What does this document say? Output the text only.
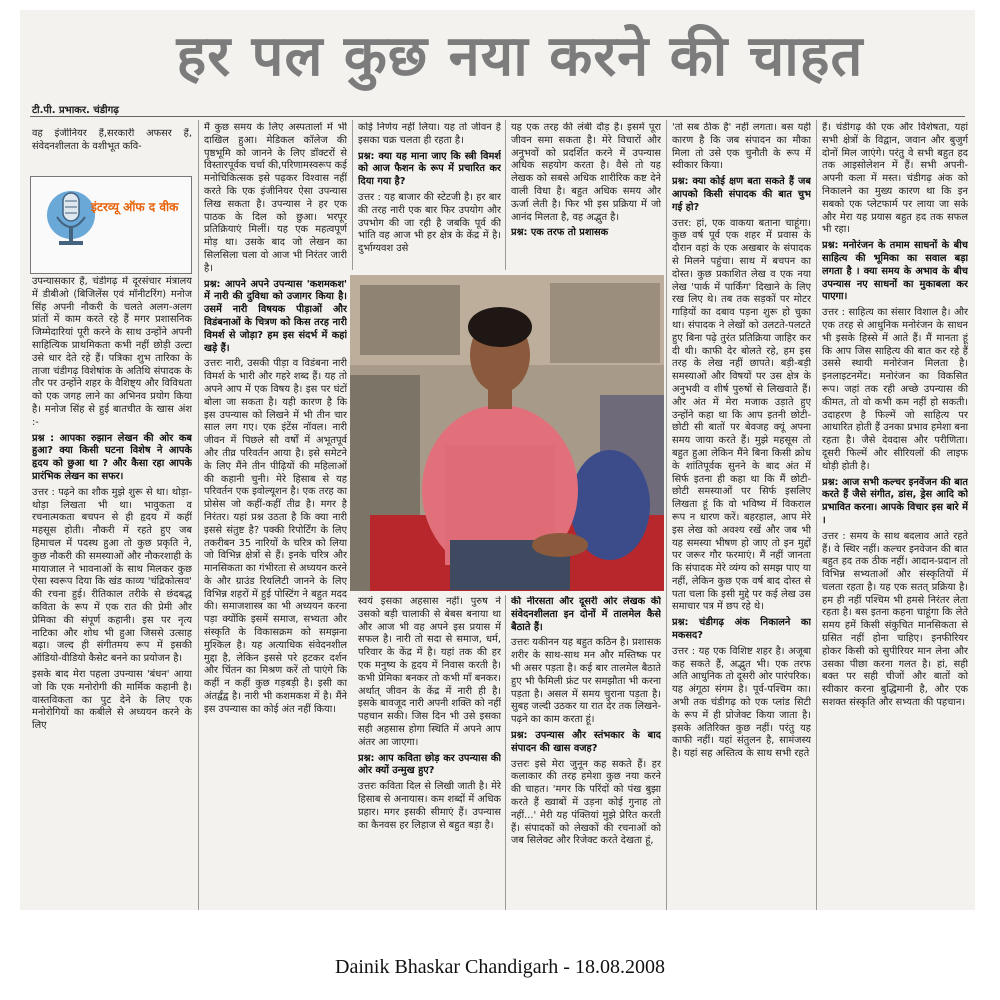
हर पल कुछ नया करने की चाहत
टी.पी. प्रभाकर. चंडीगढ़
इंटरव्यू ऑफ द वीक

वह इंजीनियर हैं,सरकारी अफसर हैं, संवेदनशीलता के वशीभूत कवि-

उपन्यासकार हैं, चंडीगढ़ में दूरसंचार मंत्रालय में डीबीओ (बिजिलेंस एवं मॉनीटरिंग) मनोज सिंह अपनी नौकरी के चलते अलग-अलग प्रांतों में काम करते रहे हैं मगर प्रशासनिक जिम्मेदारियां पूरी करने के साथ उन्होंने अपनी साहित्यिक प्राथमिकता कभी नहीं छोड़ी उल्टा उसे धार देते रहे हैं। पत्रिका शुभ तारिका के ताजा चंडीगढ़ विशेषांक के अतिथि संपादक के तौर पर उन्होंने शहर के वैशिष्ट्य और विविधता को एक जगह लाने का अभिनव प्रयोग किया है। मनोज सिंह से हुई बातचीत के खास अंश :-

प्रश्न : आपका रुझान लेखन की ओर कब हुआ? क्या किसी घटना विशेष ने आपके हृदय को छुआ था ? और कैसा रहा आपके प्रारंभिक लेखन का सफर।

उत्तर : पढ़ने का शौक मुझे शुरू से था। थोड़ा-थोड़ा लिखता भी था। भावुकता व रचनात्मकता बचपन से ही हृदय में कहीं महसूस होती। नौकरी में रहते हुए जब हिमाचल में पदस्थ हुआ तो कुछ प्रकृति ने, कुछ नौकरी की समस्याओं और नौकरशाही के मायाजाल ने भावनाओं के साथ मिलकर कुछ ऐसा स्वरूप दिया कि खंड काव्य 'चंद्रिकोत्सव' की रचना हुई। रीतिकाल तरीके से छंदबद्ध कविता के रूप में एक रात की प्रेमी और प्रेमिका की संपूर्ण कहानी। इस पर नृत्य नाटिका और शोध भी हुआ जिससे उत्साह बढ़ा। जल्द ही संगीतमय रूप में इसकी ऑडियो-वीडियो कैसेट बनने का प्रयोजन है।

इसके बाद मेरा पहला उपन्यास 'बंधन' आया जो कि एक मनोरोगी की मार्मिक कहानी है। वास्तविकता का पुट देने के लिए एक मनोरोगियों का कबीले से अध्ययन करने के लिए

मैं कुछ समय के लिए अस्पतालों में भी दाखिल हुआ। मेडिकल कॉलेज की पृष्ठभूमि को जानने के लिए डॉक्टरों से विस्तारपूर्वक चर्चा की,परिणामस्वरूप कई मनोचिकित्सक इसे पढ़कर विश्वास नहीं करते कि एक इंजीनियर ऐसा उपन्यास लिख सकता है। उपन्यास ने हर एक पाठक के दिल को छुआ। भरपूर प्रतिक्रियाएं मिलीं। यह एक महत्वपूर्ण मोड़ था। उसके बाद जो लेखन का सिलसिला चला वो आज भी निरंतर जारी है।

प्रश्न: आपने अपने उपन्यास 'कशमकश' में नारी की दुविधा को उजागर किया है। उसमें नारी विषयक पीड़ाओं और विडंबनाओं के चित्रण को किस तरह नारी विमर्श से जोड़ा? हम इस संदर्भ में कहां खड़े हैं।

उत्तरः नारी, उसकी पीड़ा व विडंबना नारी विमर्श के भारी और गहरे शब्द हैं। यह तो अपने आप में एक विषय है। इस पर घंटों बोला जा सकता है। यही कारण है कि इस उपन्यास को लिखने में भी तीन चार साल लग गए। एक इंटेंस नॉवल। नारी जीवन में पिछले सौ वर्षों में अभूतपूर्व और तीव्र परिवर्तन आया है। इसे समेटने के लिए मैंने तीन पीढ़ियों की महिलाओं की कहानी चुनी। मेरे हिसाब से यह परिवर्तन एक इवोल्यूशन है। एक तरह का प्रोसेस जो कहीं-कहीं तीव्र है। मगर है निरंतर। यहां प्रश्न उठता है कि क्या नारी इससे संतुष्ट है? पक्की रिपोर्टिंग के लिए तकरीबन 35 नारियों के चरित्र को लिया जो विभिन्न क्षेत्रों से हैं। इनके चरित्र और मानसिकता का गंभीरता से अध्ययन करने के और ग्राउंड रियलिटी जानने के लिए विभिन्न शहरों में हुई पोस्टिंग ने बहुत मदद की। समाजशास्त्र का भी अध्ययन करना पड़ा क्योंकि इसमें समाज, सभ्यता और संस्कृति के विकासक्रम को समझना मुश्किल है। यह अत्याधिक संवेदनशील मुद्दा है, लेकिन इससे परे हटकर दर्शन और चिंतन का मिश्रण करें तो पाएंगे कि कहीं न कहीं कुछ गड़बड़ी है। इसी का अंतर्द्वंद्व है। नारी भी कशमकश में है। मैंने इस उपन्यास का कोई अंत नहीं किया।

कोई निर्णय नहीं लिया। यह तो जीवन है इसका चक्र चलता ही रहता है।

प्रश्न: क्या यह माना जाए कि स्त्री विमर्श को आज फैशन के रूप में प्रचारित कर दिया गया है?

उत्तर : यह बाजार की स्टेटजी है। हर बार की तरह नारी एक बार फिर उपयोग और उपभोग की जा रही है जबकि पूर्व की भांति वह आज भी हर क्षेत्र के केंद्र में है। दुर्भाग्यवश उसे

यह एक तरह की लंबी दौड़ है। इसमें पूरा जीवन समा सकता है। मेरे विचारों और अनुभवों को प्रदर्शित करने में उपन्यास अधिक सहयोग करता है। वैसे तो यह लेखक को सबसे अधिक शारीरिक कष्ट देने वाली विधा है। बहुत अधिक समय और ऊर्जा लेती है। फिर भी इस प्रक्रिया में जो आनंद मिलता है, वह अद्भुत है।

प्रश्न: एक तरफ तो प्रशासक

'तो सब ठीक है' नहीं लगता। बस यही कारण है कि जब संपादन का मौका मिला तो उसे एक चुनौती के रूप में स्वीकार किया।

प्रश्न: क्या कोई क्षण बता सकते हैं जब आपको किसी संपादक की बात चुभ गई हो?

उत्तर: हां, एक वाकया बताना चाहूंगा। कुछ वर्ष पूर्व एक शहर में प्रवास के दौरान वहां के एक अखबार के संपादक से मिलने पहुंचा। साथ में बचपन का दोस्त। कुछ प्रकाशित लेख व एक नया लेख 'पार्क में पार्किंग' दिखाने के लिए रख लिए थे। तब तक सड़कों पर मोटर गाड़ियों का दबाव पड़ना शुरू हो चुका था। संपादक ने लेखों को उलटते-पलटते हुए बिना पढ़े तुरंत प्रतिक्रिया जाहिर कर दी थी। काफी देर बोलते रहे, हम इस तरह के लेख नहीं छापते। बड़ी-बड़ी समस्याओं और विषयों पर उस क्षेत्र के अनुभवी व शीर्ष पुरुषों से लिखवाते हैं। और अंत में मेरा मजाक उड़ाते हुए उन्होंने कहा था कि आप इतनी छोटी-छोटी सी बातों पर बेवजह क्यूं अपना समय जाया करते हैं। मुझे महसूस तो बहुत हुआ लेकिन मैंने बिना किसी क्रोध के शांतिपूर्वक सुनने के बाद अंत में सिर्फ इतना ही कहा था कि मैं छोटी-छोटी समस्याओं पर सिर्फ इसलिए लिखता हूं कि वो भविष्य में विकराल रूप न धारण करें। बहरहाल, आप मेरे इस लेख को अवश्य रखें और जब भी यह समस्या भीषण हो जाए तो इन मुद्दों पर जरूर गौर फरमाएं। मैं नहीं जानता कि संपादक मेरे व्यंग्य को समझ पाए या नहीं, लेकिन कुछ एक वर्ष बाद दोस्त से पता चला कि इसी मुद्दे पर कई लेख उस समाचार पत्र में छप रहे थे।

प्रश्न: चंडीगढ़ अंक निकालने का मकसद?

उत्तर : यह एक विशिष्ट शहर है। अजूबा कह सकते हैं, अद्भुत भी। एक तरफ अति आधुनिक तो दूसरी ओर पारंपरिक। यह अंगूठा संगम है। पूर्व-पश्चिम का। अभी तक चंडीगढ़ को एक प्लांड सिटी के रूप में ही प्रोजेक्ट किया जाता है। इसके अतिरिक्त कुछ नहीं। परंतु यह काफी नहीं। यहां संतुलन है, सामंजस्य है। यहां सह अस्तित्व के साथ सभी रहते

हैं। चंडीगढ़ की एक और विशेषता, यहां सभी क्षेत्रों के विद्वान, जवान और बुजुर्ग दोनों मिल जाएंगे। परंतु वे सभी बहुत हद तक आइसोलेशन में हैं। सभी अपनी-अपनी कला में मस्त। चंडीगढ़ अंक को निकालने का मुख्य कारण था कि इन सबको एक प्लेटफार्म पर लाया जा सके और मेरा यह प्रयास बहुत हद तक सफल भी रहा।

प्रश्न: मनोरंजन के तमाम साधनों के बीच साहित्य की भूमिका का सवाल बड़ा लगता है । क्या समय के अभाव के बीच उपन्यास नए साधनों का मुकाबला कर पाएगा।

उत्तर : साहित्य का संसार विशाल है। और एक तरह से आधुनिक मनोरंजन के साधन भी इसके हिस्से में आते हैं। मैं मानता हूं कि आप जिस साहित्य की बात कर रहे हैं उससे स्थायी मनोरंजन मिलता है। इनलाइटनमेंट। मनोरंजन का विकसित रूप। जहां तक रही अच्छे उपन्यास की कीमत, तो वो कभी कम नहीं हो सकती। उदाहरण है फिल्में जो साहित्य पर आधारित होती हैं उनका प्रभाव हमेशा बना रहता है। जैसे देवदास और परीणिता। दूसरी फिल्में और सीरियलों की लाइफ थोड़ी होती है।

प्रश्न: आज सभी कल्चर इनवेंजन की बात करते हैं जैसे संगीत, डांस, ड्रेस आदि को प्रभावित करना। आपके विचार इस बारे में ।

उत्तर : समय के साथ बदलाव आते रहते हैं। वे स्थिर नहीं। कल्चर इनवेजन की बात बहुत हद तक ठीक नहीं। आदान-प्रदान तो विभिन्न सभ्यताओं और संस्कृतियों में चलता रहता है। यह एक सतत् प्रक्रिया है। हम ही नहीं पश्चिम भी हमसे निरंतर लेता रहता है। बस इतना कहना चाहूंगा कि लेते समय हमें किसी संकुचित मानसिकता से ग्रसित नहीं होना चाहिए। इनफीरियर होकर किसी को सुपीरियर मान लेना और उसका पीछा करना गलत है। हां, सही बक्त पर सही चीजों और बातों को स्वीकार करना बुद्धिमानी है, और एक सशक्त संस्कृति और सभ्यता की पहचान।

स्वयं इसका अहसास नहीं। पुरुष ने उसको बड़ी चालाकी से बेबस बनाया था और आज भी वह अपने इस प्रयास में सफल है। नारी तो सदा से समाज, धर्म, परिवार के केंद्र में है। यहां तक की हर एक मनुष्य के हृदय में निवास करती है। कभी प्रेमिका बनकर तो कभी माँ बनकर। अर्थात् जीवन के केंद्र में नारी ही है। इसके बावजूद नारी अपनी शक्ति को नहीं पहचान सकी। जिस दिन भी उसे इसका सही अहसास होगा स्थिति में अपने आप अंतर आ जाएगा।

प्रश्न: आप कविता छोड़ कर उपन्यास की ओर क्यों उन्मुख हुए?

उत्तरः कविता दिल से लिखी जाती है। मेरे हिसाब से अनायास। कम शब्दों में अधिक प्रहार। मगर इसकी सीमाएं हैं। उपन्यास का कैनवस हर लिहाज से बहुत बड़ा है।

की नीरसता और दूसरी ओर लेखक की संवेदनशीलता इन दोनों में तालमेल कैसे बैठाते हैं।

उत्तरः यकीनन यह बहुत कठिन है। प्रशासक शरीर के साथ-साथ मन और मस्तिष्क पर भी असर पड़ता है। कई बार तालमेल बैठाते हुए भी फैमिली फ्रंट पर समझौता भी करना पड़ता है। असल में समय चुराना पड़ता है। सुबह जल्दी उठकर या रात देर तक लिखने-पढ़ने का काम करता हूं।

प्रश्न: उपन्यास और स्तंभकार के बाद संपादन की खास वजह?

उत्तरः इसे मेरा जुनून कह सकते हैं। हर कलाकार की तरह हमेशा कुछ नया करने की चाहत। 'मगर कि परिंदों को पंख बुझा करते हैं ख्वाबों में उड़ना कोई गुनाह तो नहीं...' मेरी यह पंक्तियां मुझे प्रेरित करती हैं। संपादकों को लेखकों की रचनाओं को जब सिलेक्ट और रिजेक्ट करते देखता हूं,

Dainik Bhaskar Chandigarh - 18.08.2008
